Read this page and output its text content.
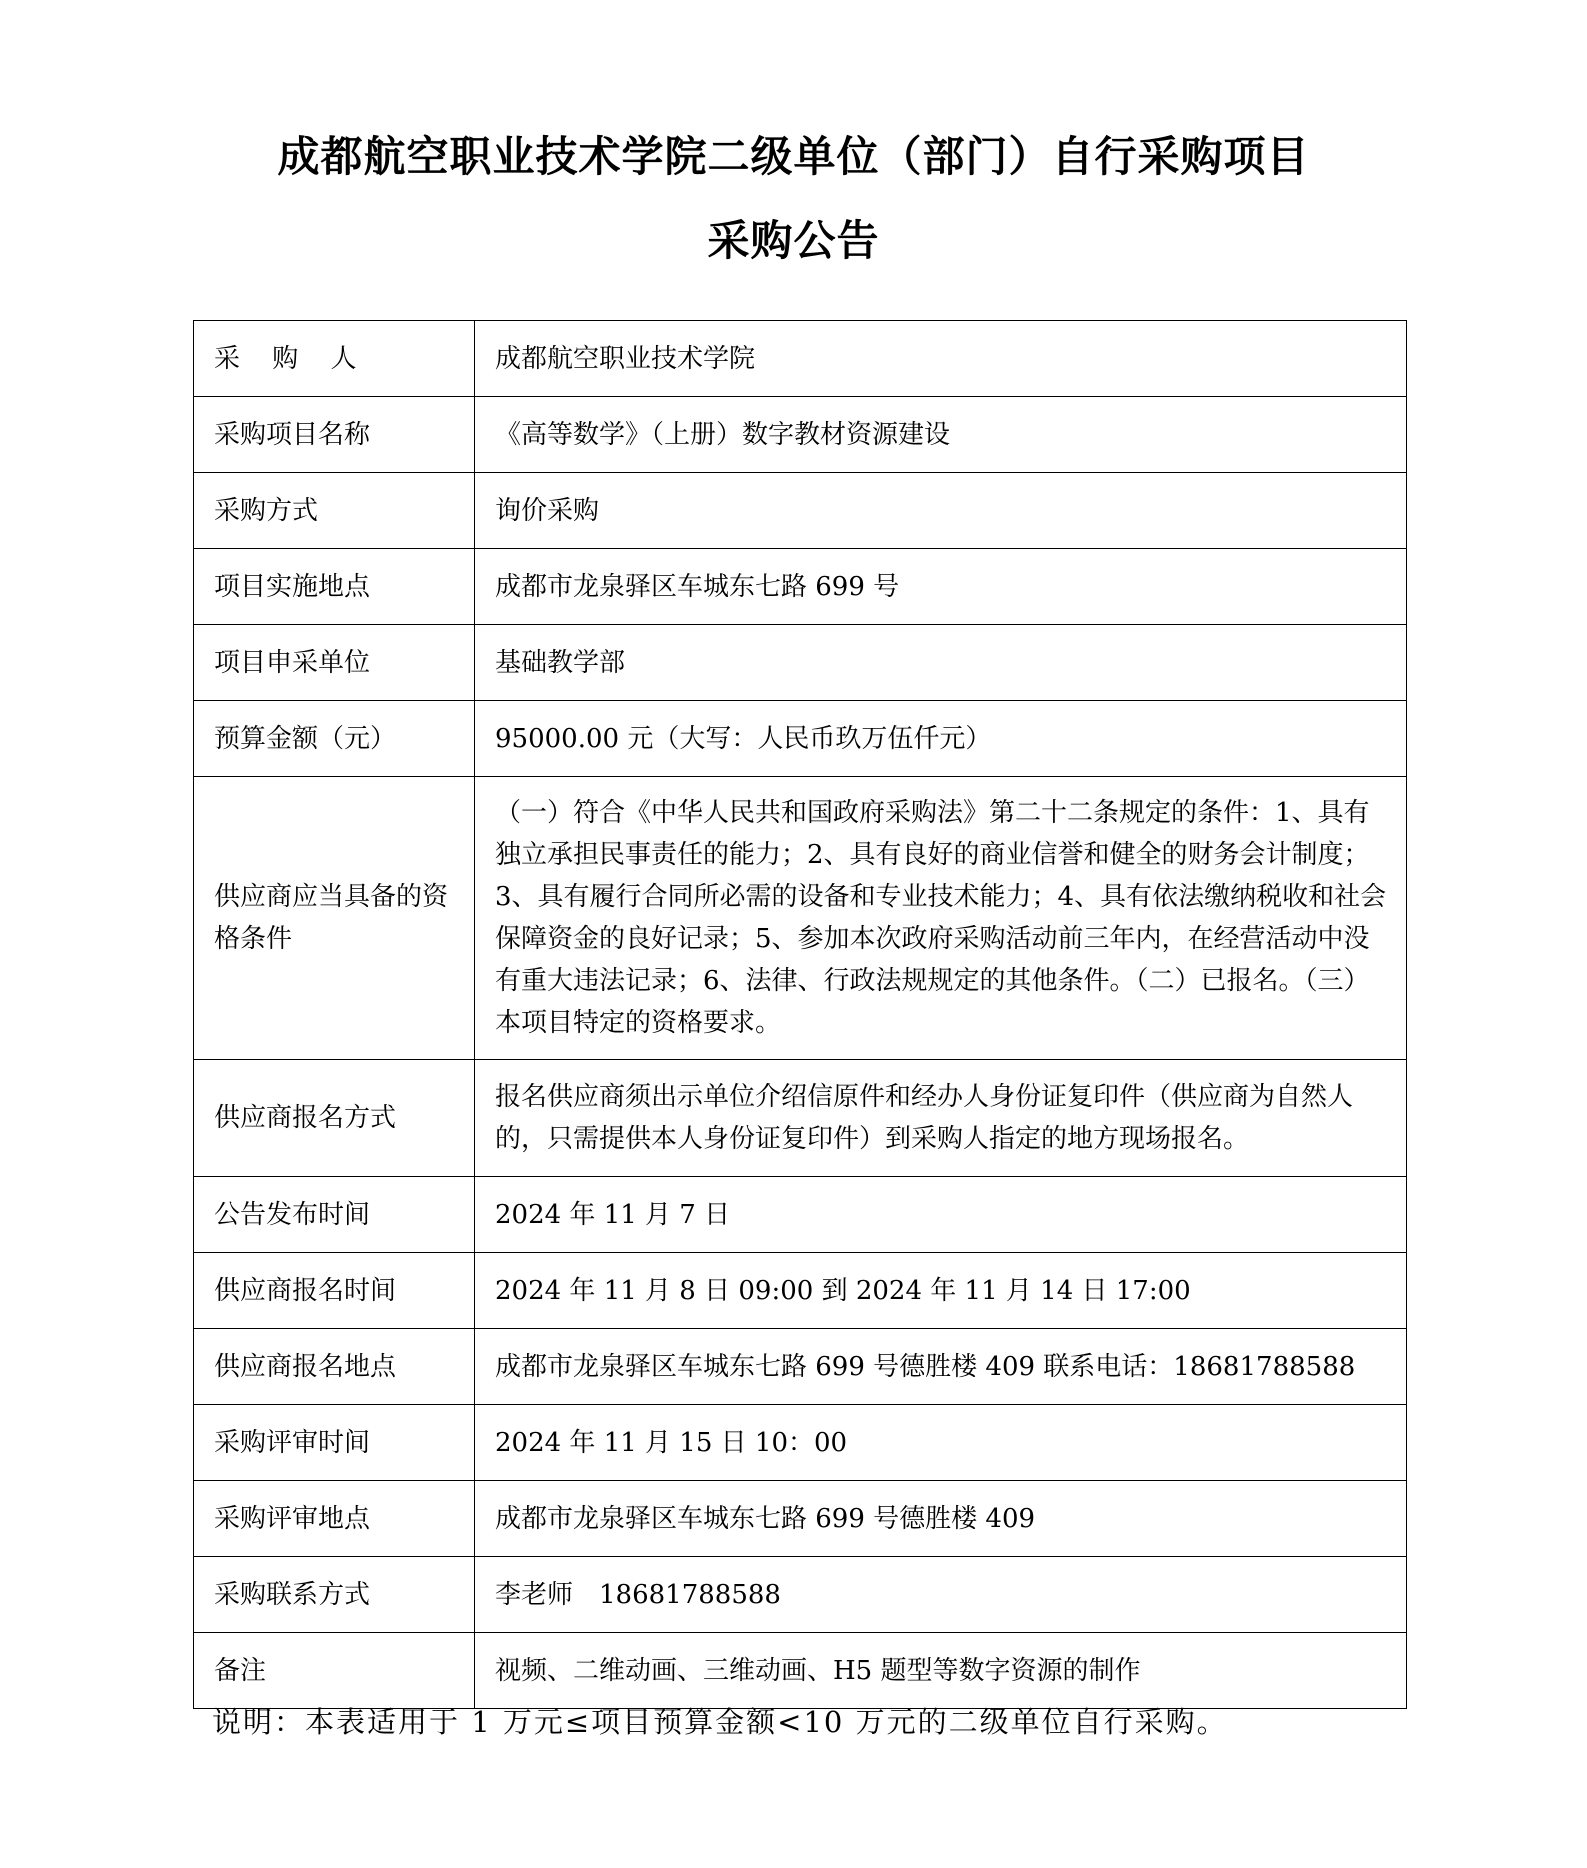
成都航空职业技术学院二级单位（部门）自行采购项目
采购公告
采 购 人	成都航空职业技术学院
采购项目名称	《高等数学》（上册）数字教材资源建设
采购方式	询价采购
项目实施地点	成都市龙泉驿区车城东七路 699 号
项目申采单位	基础教学部
预算金额（元）	95000.00 元（大写：人民币玖万伍仟元）
供应商应当具备的资格条件	（一）符合《中华人民共和国政府采购法》第二十二条规定的条件：1、具有独立承担民事责任的能力；2、具有良好的商业信誉和健全的财务会计制度；3、具有履行合同所必需的设备和专业技术能力；4、具有依法缴纳税收和社会保障资金的良好记录；5、参加本次政府采购活动前三年内，在经营活动中没有重大违法记录；6、法律、行政法规规定的其他条件。（二）已报名。（三）本项目特定的资格要求。
供应商报名方式	报名供应商须出示单位介绍信原件和经办人身份证复印件（供应商为自然人的，只需提供本人身份证复印件）到采购人指定的地方现场报名。
公告发布时间	2024 年 11 月 7 日
供应商报名时间	2024 年 11 月 8 日 09:00 到 2024 年 11 月 14 日 17:00
供应商报名地点	成都市龙泉驿区车城东七路 699 号德胜楼 409 联系电话：18681788588
采购评审时间	2024 年 11 月 15 日 10：00
采购评审地点	成都市龙泉驿区车城东七路 699 号德胜楼 409
采购联系方式	李老师　18681788588
备注	视频、二维动画、三维动画、H5 题型等数字资源的制作

说明：本表适用于 1 万元≤项目预算金额<10 万元的二级单位自行采购。
